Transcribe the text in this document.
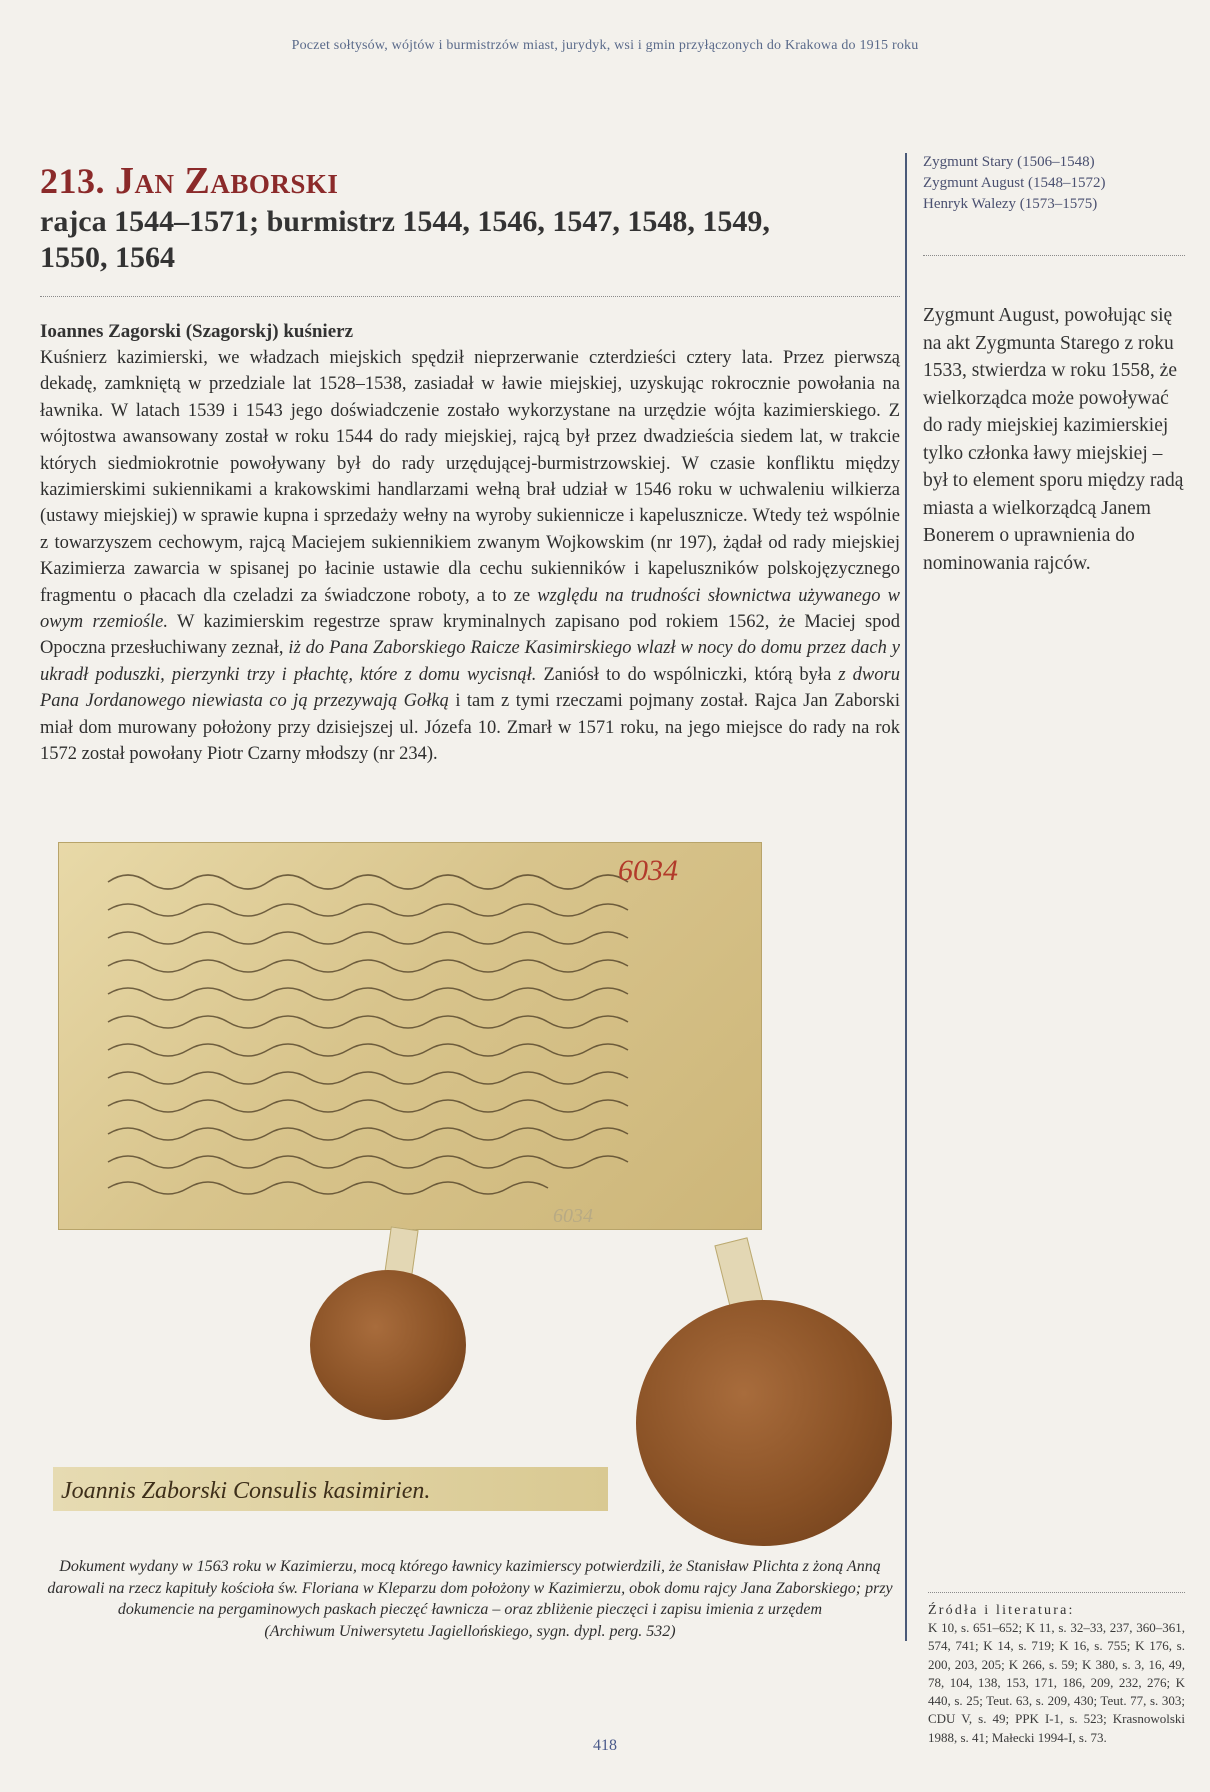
Poczet sołtysów, wójtów i burmistrzów miast, jurydyk, wsi i gmin przyłączonych do Krakowa do 1915 roku
213. Jan Zaborski
rajca 1544–1571; burmistrz 1544, 1546, 1547, 1548, 1549,
1550, 1564
Ioannes Zagorski (Szagorskj) kuśnierz
Kuśnierz kazimierski, we władzach miejskich spędził nieprzerwanie czterdzieści cztery lata. Przez pierwszą dekadę, zamkniętą w przedziale lat 1528–1538, zasiadał w ławie miejskiej, uzyskując rokrocznie powołania na ławnika. W latach 1539 i 1543 jego doświadczenie zostało wykorzystane na urzędzie wójta kazimierskiego. Z wójtostwa awansowany został w roku 1544 do rady miejskiej, rajcą był przez dwadzieścia siedem lat, w trakcie których siedmiokrotnie powoływany był do rady urzędującej-burmistrzowskiej. W czasie konfliktu między kazimierskimi sukiennikami a krakowskimi handlarzami wełną brał udział w 1546 roku w uchwaleniu wilkierza (ustawy miejskiej) w sprawie kupna i sprzedaży wełny na wyroby sukiennicze i kapelusznicze. Wtedy też wspólnie z towarzyszem cechowym, rajcą Maciejem sukiennikiem zwanym Wojkowskim (nr 197), żądał od rady miejskiej Kazimierza zawarcia w spisanej po łacinie ustawie dla cechu sukienników i kapeluszników polskojęzycznego fragmentu o płacach dla czeladzi za świadczone roboty, a to ze względu na trudności słownictwa używanego w owym rzemiośle. W kazimierskim regestrze spraw kryminalnych zapisano pod rokiem 1562, że Maciej spod Opoczna przesłuchiwany zeznał, iż do Pana Zaborskiego Raicze Kasimirskiego wlazł w nocy do domu przez dach y ukradł poduszki, pierzynki trzy i płachtę, które z domu wycisnął. Zaniósł to do wspólniczki, którą była z dworu Pana Jordanowego niewiasta co ją przezywają Gołką i tam z tymi rzeczami pojmany został. Rajca Jan Zaborski miał dom murowany położony przy dzisiejszej ul. Józefa 10. Zmarł w 1571 roku, na jego miejsce do rady na rok 1572 został powołany Piotr Czarny młodszy (nr 234).
Zygmunt Stary (1506–1548)
Zygmunt August (1548–1572)
Henryk Walezy (1573–1575)
Zygmunt August, powołując się na akt Zygmunta Starego z roku 1533, stwierdza w roku 1558, że wielkorządca może powoływać do rady miejskiej kazimierskiej tylko członka ławy miejskiej – był to element sporu między radą miasta a wielkorządcą Janem Bonerem o uprawnienia do nominowania rajców.
6034
6034
Joannis Zaborski Consulis kasimirien.
Dokument wydany w 1563 roku w Kazimierzu, mocą którego ławnicy kazimierscy potwierdzili, że Stanisław Plichta z żoną Anną darowali na rzecz kapituły kościoła św. Floriana w Kleparzu dom położony w Kazimierzu, obok domu rajcy Jana Zaborskiego; przy dokumencie na pergaminowych paskach pieczęć ławnicza – oraz zbliżenie pieczęci i zapisu imienia z urzędem
(Archiwum Uniwersytetu Jagiellońskiego, sygn. dypl. perg. 532)
Źródła i literatura:
K 10, s. 651–652; K 11, s. 32–33, 237, 360–361, 574, 741; K 14, s. 719; K 16, s. 755; K 176, s. 200, 203, 205; K 266, s. 59; K 380, s. 3, 16, 49, 78, 104, 138, 153, 171, 186, 209, 232, 276; K 440, s. 25; Teut. 63, s. 209, 430; Teut. 77, s. 303; CDU V, s. 49; PPK I-1, s. 523; Krasnowolski 1988, s. 41; Małecki 1994-I, s. 73.
418
